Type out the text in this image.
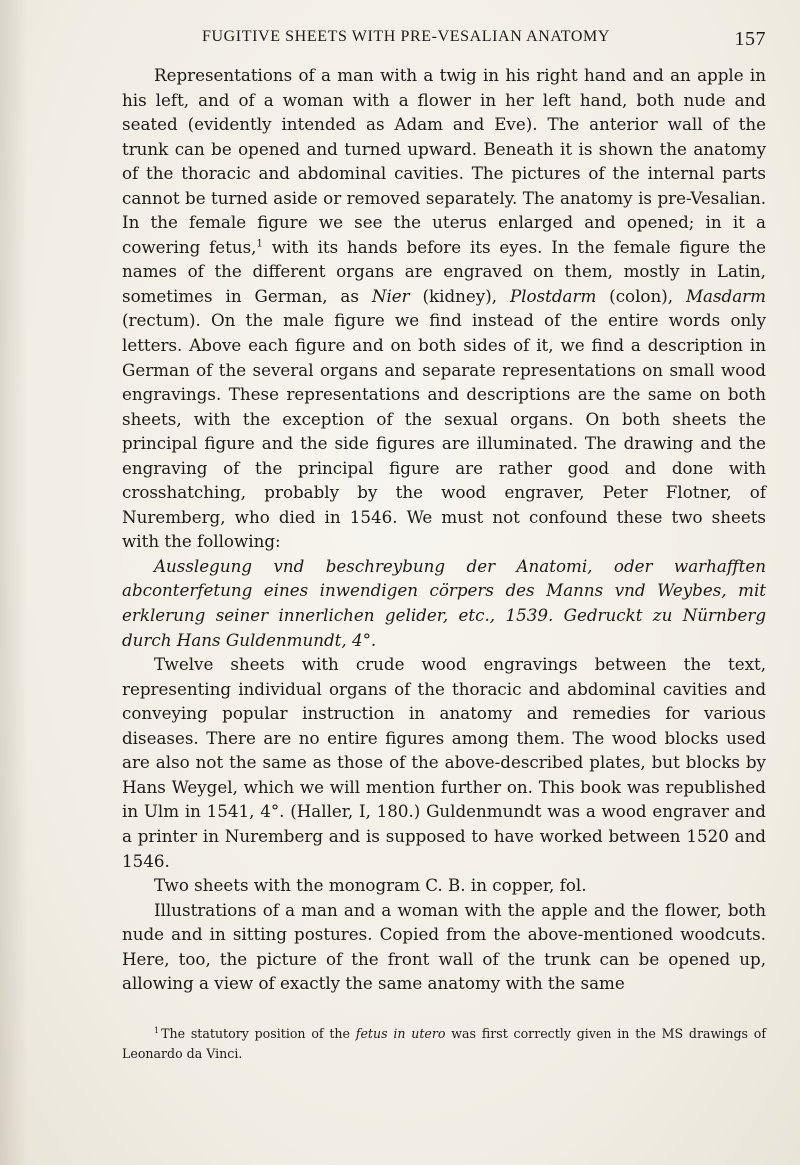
FUGITIVE SHEETS WITH PRE-VESALIAN ANATOMY	157

Representations of a man with a twig in his right hand and an apple in his left, and of a woman with a flower in her left hand, both nude and seated (evidently intended as Adam and Eve). The anterior wall of the trunk can be opened and turned upward. Beneath it is shown the anatomy of the thoracic and abdominal cavities. The pictures of the internal parts cannot be turned aside or removed separately. The anatomy is pre-Vesalian. In the female figure we see the uterus enlarged and opened; in it a cowering fetus,$^1$ with its hands before its eyes. In the female figure the names of the different organs are engraved on them, mostly in Latin, sometimes in German, as Nier (kidney), Plostdarm (colon), Masdarm (rectum). On the male figure we find instead of the entire words only letters. Above each figure and on both sides of it, we find a description in German of the several organs and separate representations on small wood engravings. These representations and descriptions are the same on both sheets, with the exception of the sexual organs. On both sheets the principal figure and the side figures are illuminated. The drawing and the engraving of the principal figure are rather good and done with crosshatching, probably by the wood engraver, Peter Flotner, of Nuremberg, who died in 1546. We must not confound these two sheets with the following:

Ausslegung vnd beschreybung der Anatomi, oder warhafften abconterfetung eines inwendigen cörpers des Manns vnd Weybes, mit erklerung seiner innerlichen gelider, etc., 1539. Gedruckt zu Nürnberg durch Hans Guldenmundt, 4°.

Twelve sheets with crude wood engravings between the text, representing individual organs of the thoracic and abdominal cavities and conveying popular instruction in anatomy and remedies for various diseases. There are no entire figures among them. The wood blocks used are also not the same as those of the above-described plates, but blocks by Hans Weygel, which we will mention further on. This book was republished in Ulm in 1541, 4°. (Haller, I, 180.) Guldenmundt was a wood engraver and a printer in Nuremberg and is supposed to have worked between 1520 and 1546.

Two sheets with the monogram C. B. in copper, fol.

Illustrations of a man and a woman with the apple and the flower, both nude and in sitting postures. Copied from the above-mentioned woodcuts. Here, too, the picture of the front wall of the trunk can be opened up, allowing a view of exactly the same anatomy with the same

$^1$ The statutory position of the fetus in utero was first correctly given in the MS drawings of Leonardo da Vinci.
